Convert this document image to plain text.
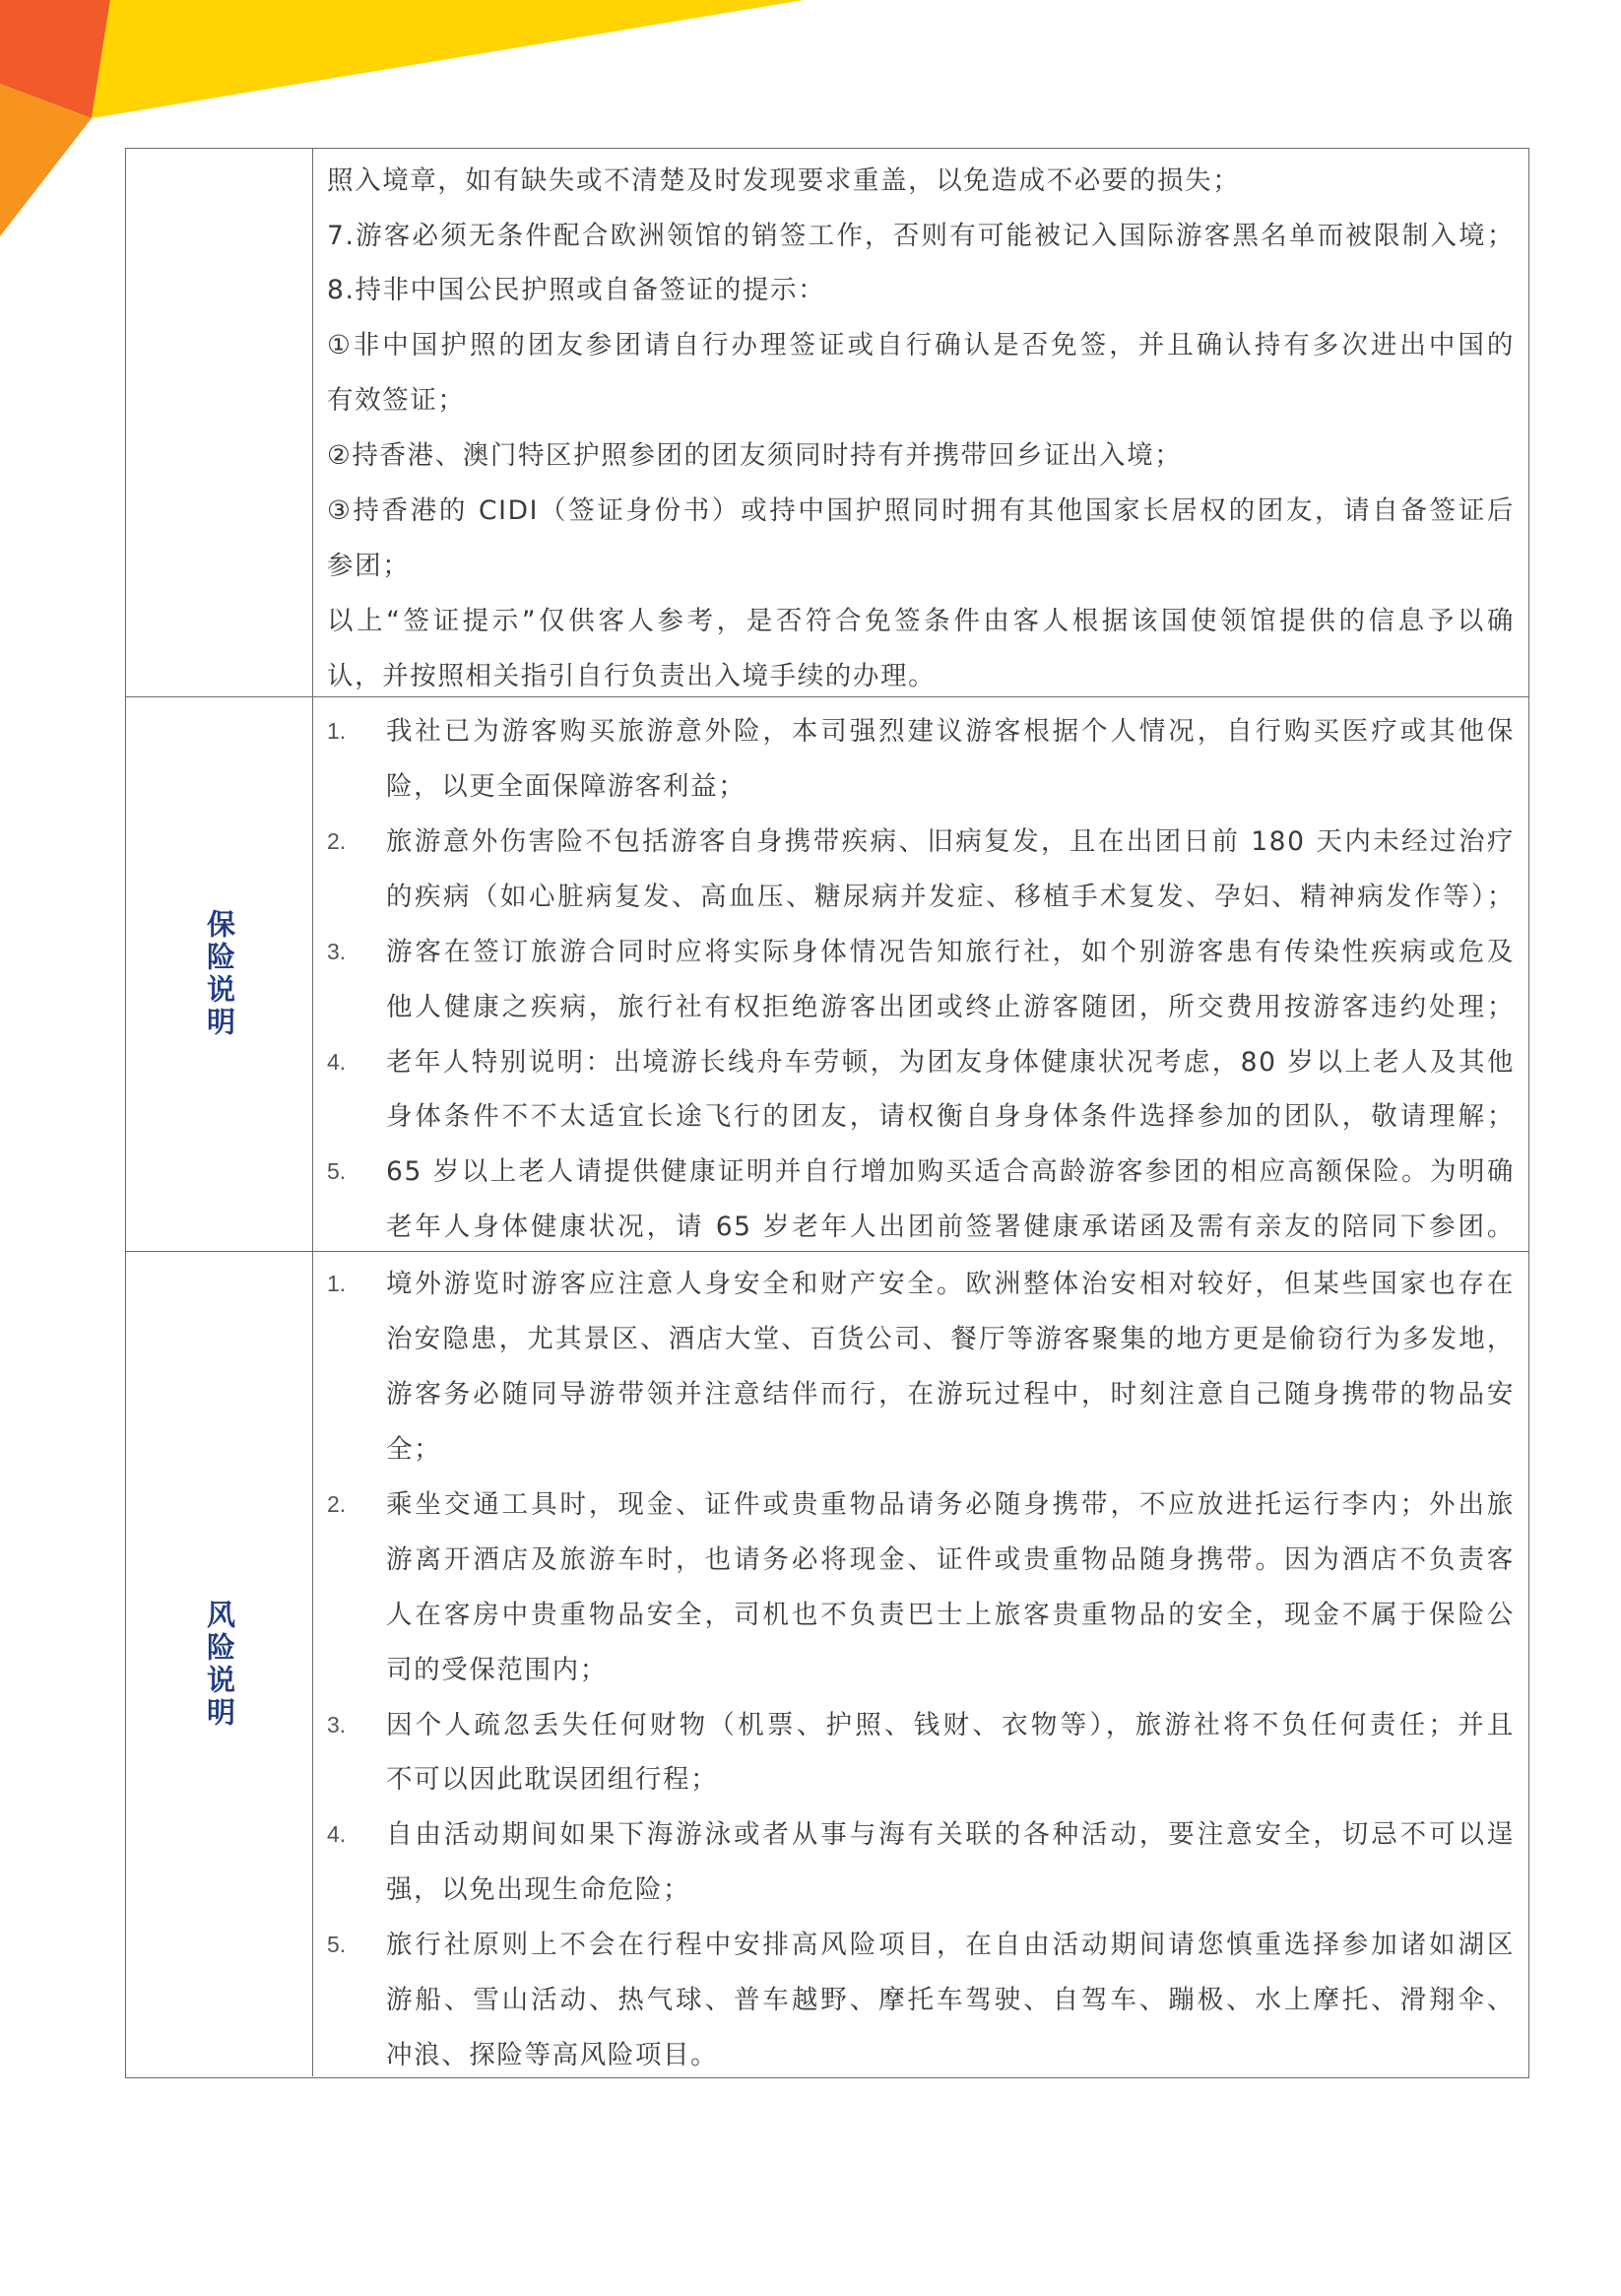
照入境章，如有缺失或不清楚及时发现要求重盖，以免造成不必要的损失；
7.游客必须无条件配合欧洲领馆的销签工作，否则有可能被记入国际游客黑名单而被限制入境；
8.持非中国公民护照或自备签证的提示：
①非中国护照的团友参团请自行办理签证或自行确认是否免签，并且确认持有多次进出中国的
有效签证；
②持香港、澳门特区护照参团的团友须同时持有并携带回乡证出入境；
③持香港的 CIDI（签证身份书）或持中国护照同时拥有其他国家长居权的团友，请自备签证后
参团；
以上“签证提示”仅供客人参考，是否符合免签条件由客人根据该国使领馆提供的信息予以确
认，并按照相关指引自行负责出入境手续的办理。
保险说明
1.	我社已为游客购买旅游意外险，本司强烈建议游客根据个人情况，自行购买医疗或其他保
险，以更全面保障游客利益；
2.	旅游意外伤害险不包括游客自身携带疾病、旧病复发，且在出团日前 180 天内未经过治疗
的疾病（如心脏病复发、高血压、糖尿病并发症、移植手术复发、孕妇、精神病发作等）；
3.	游客在签订旅游合同时应将实际身体情况告知旅行社，如个别游客患有传染性疾病或危及
他人健康之疾病，旅行社有权拒绝游客出团或终止游客随团，所交费用按游客违约处理；
4.	老年人特别说明：出境游长线舟车劳顿，为团友身体健康状况考虑，80 岁以上老人及其他
身体条件不不太适宜长途飞行的团友，请权衡自身身体条件选择参加的团队，敬请理解；
5.	65 岁以上老人请提供健康证明并自行增加购买适合高龄游客参团的相应高额保险。为明确
老年人身体健康状况，请 65 岁老年人出团前签署健康承诺函及需有亲友的陪同下参团。
风险说明
1.	境外游览时游客应注意人身安全和财产安全。欧洲整体治安相对较好，但某些国家也存在
治安隐患，尤其景区、酒店大堂、百货公司、餐厅等游客聚集的地方更是偷窃行为多发地，
游客务必随同导游带领并注意结伴而行，在游玩过程中，时刻注意自己随身携带的物品安
全；
2.	乘坐交通工具时，现金、证件或贵重物品请务必随身携带，不应放进托运行李内；外出旅
游离开酒店及旅游车时，也请务必将现金、证件或贵重物品随身携带。因为酒店不负责客
人在客房中贵重物品安全，司机也不负责巴士上旅客贵重物品的安全，现金不属于保险公
司的受保范围内；
3.	因个人疏忽丢失任何财物（机票、护照、钱财、衣物等），旅游社将不负任何责任；并且
不可以因此耽误团组行程；
4.	自由活动期间如果下海游泳或者从事与海有关联的各种活动，要注意安全，切忌不可以逞
强，以免出现生命危险；
5.	旅行社原则上不会在行程中安排高风险项目，在自由活动期间请您慎重选择参加诸如湖区
游船、雪山活动、热气球、普车越野、摩托车驾驶、自驾车、蹦极、水上摩托、滑翔伞、
冲浪、探险等高风险项目。
